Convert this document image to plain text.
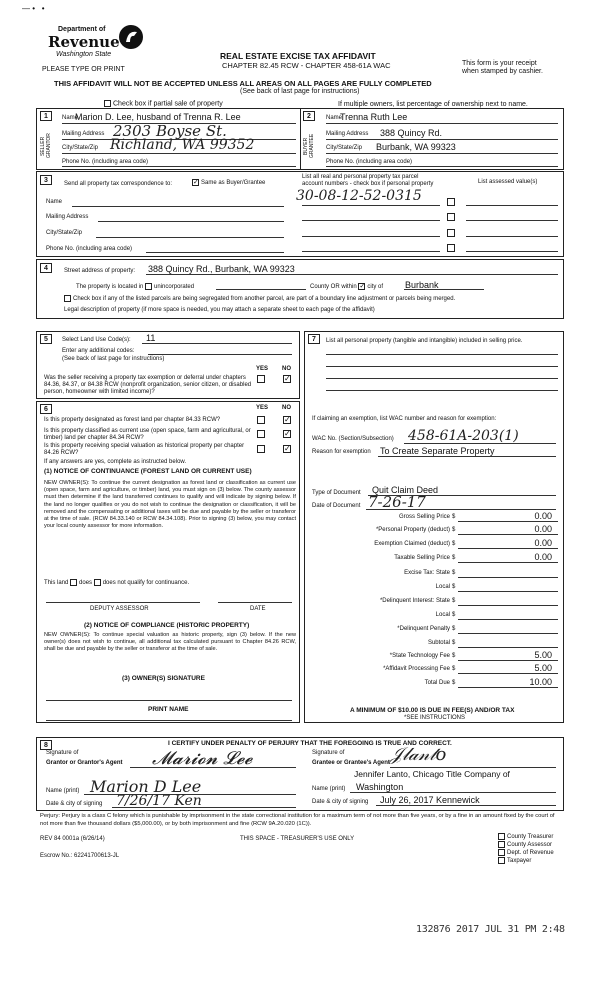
— •   •
Department of
Revenue
Washington State
PLEASE TYPE OR PRINT
REAL ESTATE EXCISE TAX AFFIDAVIT
CHAPTER 82.45 RCW - CHAPTER 458-61A WAC	This form is your receipt
when stamped by cashier.
THIS AFFIDAVIT WILL NOT BE ACCEPTED UNLESS ALL AREAS ON ALL PAGES ARE FULLY COMPLETED
(See back of last page for instructions)
Check box if partial sale of property	If multiple owners, list percentage of ownership next to name.
1	2
SELLER GRANTOR	BUYER GRANTEE
Name
Marion D. Lee, husband of Trenna R. Lee
Mailing Address 2303 Boyse St.
City/State/Zip Richland, WA 99352
Phone No. (including area code)
Name
Trenna Ruth Lee
Mailing Address 388 Quincy Rd.
City/State/Zip Burbank, WA 99323
Phone No. (including area code)
3	Send all property tax correspondence to:	✓ Same as Buyer/Grantee
List all real and personal property tax parcel
account numbers - check box if personal property	List assessed value(s)
30-08-12-52-0315
Name
Mailing Address
City/State/Zip
Phone No. (including area code)
4	Street address of property: 388 Quincy Rd., Burbank, WA 99323
The property is located in unincorporated	County OR within ✓ city of Burbank
Check box if any of the listed parcels are being segregated from another parcel, are part of a boundary line adjustment or parcels being merged.
Legal description of property (if more space is needed, you may attach a separate sheet to each page of the affidavit)
5	Select Land Use Code(s): 11
Enter any additional codes:
(See back of last page for instructions)
YES NO
Was the seller receiving a property tax exemption or deferral under chapters 84.36, 84.37, or 84.38 RCW (nonprofit organization, senior citizen, or disabled person, homeowner with limited income)?
✓
6	YES NO
Is this property designated as forest land per chapter 84.33 RCW?	✓
Is this property classified as current use (open space, farm and agricultural, or timber) land per chapter 84.34 RCW?	✓
Is this property receiving special valuation as historical property per chapter 84.26 RCW?	✓
If any answers are yes, complete as instructed below.
(1) NOTICE OF CONTINUANCE (FOREST LAND OR CURRENT USE)
NEW OWNER(S): To continue the current designation as forest land or classification as current use (open space, farm and agriculture, or timber) land, you must sign on (3) below. The county assessor must then determine if the land transferred continues to qualify and will indicate by signing below. If the land no longer qualifies or you do not wish to continue the designation or classification, it will be removed and the compensating or additional taxes will be due and payable by the seller or transferor at the time of sale. (RCW 84.33.140 or RCW 84.34.108). Prior to signing (3) below, you may contact your local county assessor for more information.
This land does does not qualify for continuance.
DEPUTY ASSESSOR	DATE
(2) NOTICE OF COMPLIANCE (HISTORIC PROPERTY)
NEW OWNER(S): To continue special valuation as historic property, sign (3) below. If the new owner(s) does not wish to continue, all additional tax calculated pursuant to Chapter 84.26 RCW, shall be due and payable by the seller or transferor at the time of sale.
(3) OWNER(S) SIGNATURE
PRINT NAME
7	List all personal property (tangible and intangible) included in selling price.
If claiming an exemption, list WAC number and reason for exemption:
WAC No. (Section/Subsection) 458-61A-203(1)
Reason for exemption To Create Separate Property
Type of Document Quit Claim Deed
Date of Document 7-26-17
Gross Selling Price $	0.00
*Personal Property (deduct) $	0.00
Exemption Claimed (deduct) $	0.00
Taxable Selling Price $	0.00
Excise Tax: State $
Local $
*Delinquent Interest: State $
Local $
*Delinquent Penalty $
Subtotal $
*State Technology Fee $	5.00
*Affidavit Processing Fee $	5.00
Total Due $	10.00
A MINIMUM OF $10.00 IS DUE IN FEE(S) AND/OR TAX
*SEE INSTRUCTIONS
8	I CERTIFY UNDER PENALTY OF PERJURY THAT THE FOREGOING IS TRUE AND CORRECT.
Signature of
Grantor or Grantor's Agent 𝓜𝓪𝓻𝓲𝓸𝓷 𝓛𝓮𝓮	Signature of
Grantee or Grantee's Agent 𝒥𝓁𝒶𝓃𝓉𝑜
Jennifer Lanto, Chicago Title Company of
Name (print) Marion D Lee
Date & city of signing 7/26/17 Ken
Name (print) Washington
Date & city of signing July 26, 2017 Kennewick
Perjury: Perjury is a class C felony which is punishable by imprisonment in the state correctional institution for a maximum term of not more than five years, or by a fine in an amount fixed by the court of not more than five thousand dollars ($5,000.00), or by both imprisonment and fine (RCW 9A.20.020 (1C)).
REV 84 0001a (6/26/14)	THIS SPACE - TREASURER'S USE ONLY
Escrow No.: 62241700613-JL
County Treasurer
County Assessor
Dept. of Revenue
Taxpayer
132876 2017 JUL 31 PM 2:48
